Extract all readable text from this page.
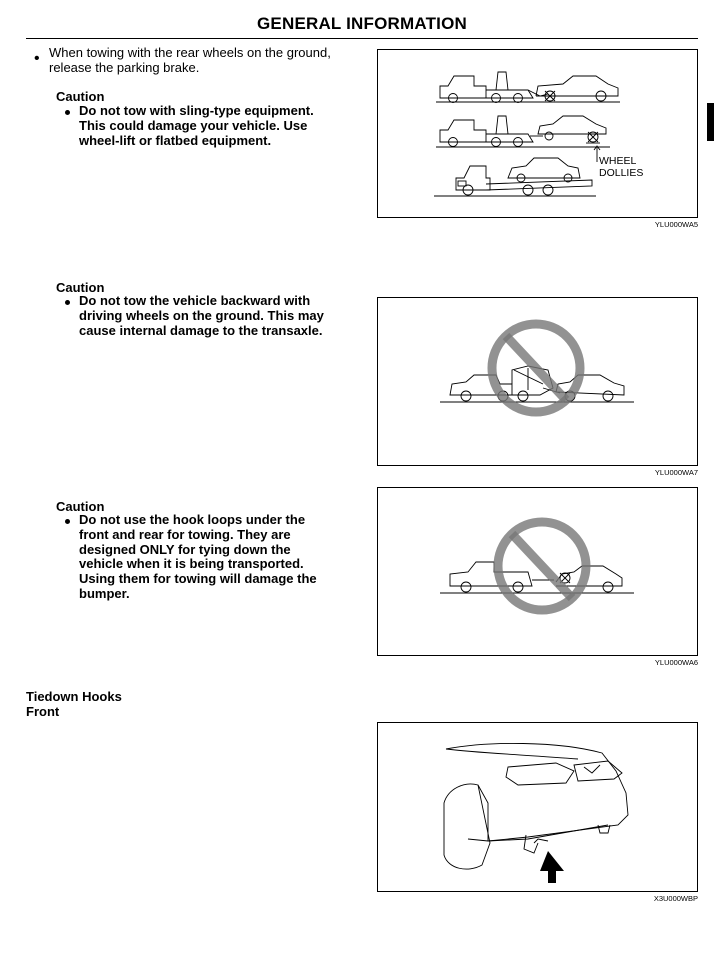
GENERAL INFORMATION
• When towing with the rear wheels on the ground, release the parking brake.
Caution
Do not tow with sling-type equipment. This could damage your vehicle. Use wheel-lift or flatbed equipment.
Caution
Do not tow the vehicle backward with driving wheels on the ground. This may cause internal damage to the transaxle.
Caution
Do not use the hook loops under the front and rear for towing. They are designed ONLY for tying down the vehicle when it is being transported. Using them for towing will damage the bumper.
Tiedown Hooks
Front
WHEEL
DOLLIES
YLU000WA5
YLU000WA7
YLU000WA6
X3U000WBP
